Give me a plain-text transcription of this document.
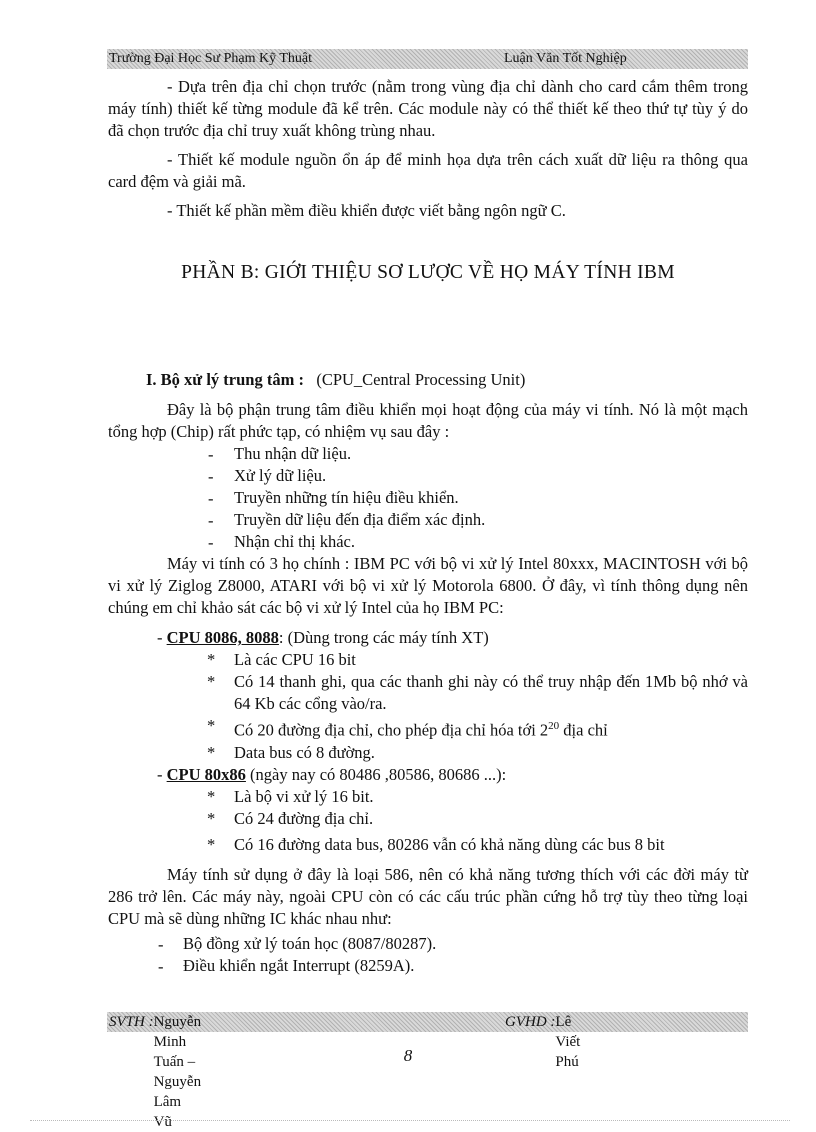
Trường Đại Học Sư Phạm Kỹ Thuật	Luận Văn Tốt Nghiệp

- Dựa trên địa chỉ chọn trước (nằm trong vùng địa chỉ dành cho card cắm thêm trong máy tính) thiết kế từng module đã kể trên. Các module này có thể thiết kế theo thứ tự tùy ý do đã chọn trước địa chỉ truy xuất không trùng nhau.

- Thiết kế module nguồn ổn áp để minh họa dựa trên cách xuất dữ liệu ra thông qua card đệm và giải mã.

- Thiết kế phần mềm điều khiển được viết bằng ngôn ngữ C.

PHẦN B: GIỚI THIỆU SƠ LƯỢC VỀ HỌ MÁY TÍNH IBM

I. Bộ xử lý trung tâm : (CPU_Central Processing Unit)

Đây là bộ phận trung tâm điều khiển mọi hoạt động của máy vi tính. Nó là một mạch tổng hợp (Chip) rất phức tạp, có nhiệm vụ sau đây :

- Thu nhận dữ liệu.
- Xử lý dữ liệu.
- Truyền những tín hiệu điều khiển.
- Truyền dữ liệu đến địa điểm xác định.
- Nhận chỉ thị khác.

Máy vi tính có 3 họ chính : IBM PC với bộ vi xử lý Intel 80xxx, MACINTOSH với bộ vi xử lý Ziglog Z8000, ATARI với bộ vi xử lý Motorola 6800. Ở đây, vì tính thông dụng nên chúng em chỉ khảo sát các bộ vi xử lý Intel của họ IBM PC:

- CPU 8086, 8088: (Dùng trong các máy tính XT)

* Là các CPU 16 bit
* Có 14 thanh ghi, qua các thanh ghi này có thể truy nhập đến 1Mb bộ nhớ và 64 Kb các cổng vào/ra.
* Có 20 đường địa chỉ, cho phép địa chỉ hóa tới $2^{20}$ địa chỉ
* Data bus có 8 đường.

- CPU 80x86 (ngày nay có 80486 ,80586, 80686 ...):

* Là bộ vi xử lý 16 bit.
* Có 24 đường địa chỉ.
* Có 16 đường data bus, 80286 vẫn có khả năng dùng các bus 8 bit

Máy tính sử dụng ở đây là loại 586, nên có khả năng tương thích với các đời máy từ 286 trở lên. Các máy này, ngoài CPU còn có các cấu trúc phần cứng hỗ trợ tùy theo từng loại CPU mà sẽ dùng những IC khác nhau như:

- Bộ đồng xử lý toán học (8087/80287).
- Điều khiển ngắt Interrupt (8259A).
SVTH : Nguyễn Minh Tuấn – Nguyễn Lâm Vũ
GVHD : Lê Viết Phú
8
